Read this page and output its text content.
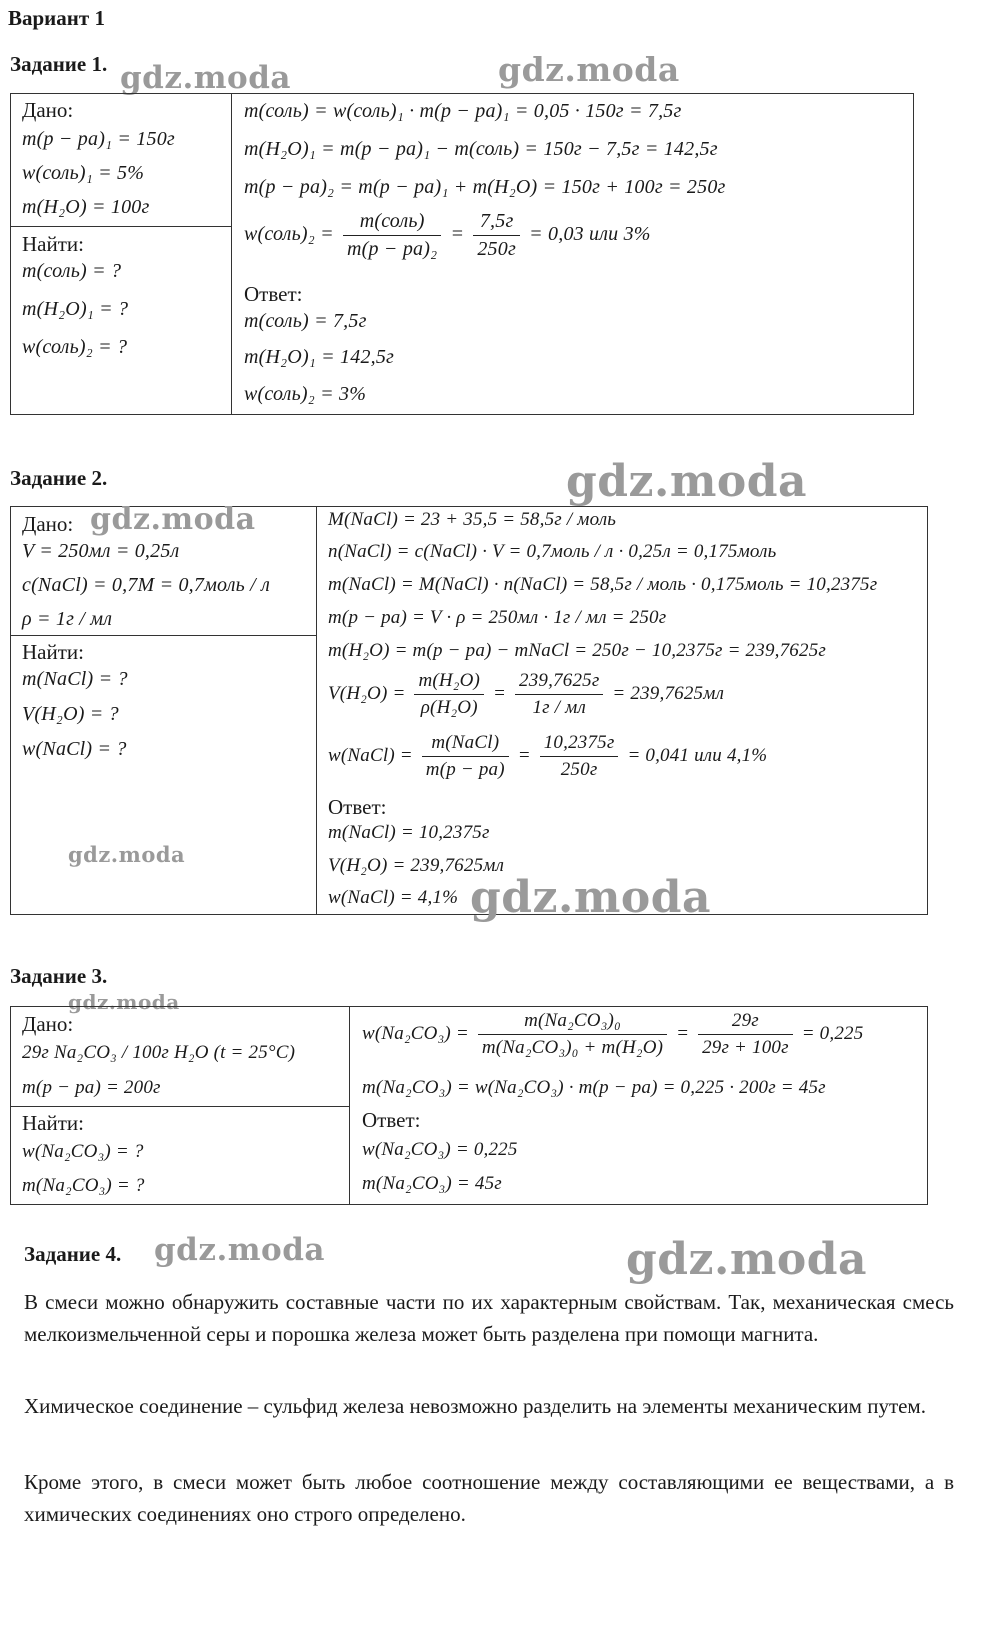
Вариант 1
Задание 1. gdz.moda	gdz.moda
Дано:
m(р − ра)₁ = 150г
w(соль)₁ = 5%
m(H₂O) = 100г
Найти:
m(соль) = ?
m(H₂O)₁ = ?
w(соль)₂ = ?
m(соль) = w(соль)₁ · m(р − ра)₁ = 0,05 · 150г = 7,5г
m(H₂O)₁ = m(р − ра)₁ − m(соль) = 150г − 7,5г = 142,5г
m(р − ра)₂ = m(р − ра)₁ + m(H₂O) = 150г + 100г = 250г
w(соль)₂ = $\frac{\text{m(соль)}}{\text{m(р − ра)₂}} = \frac{7,5г}{250г} = 0,03$ или 3%
Ответ:
m(соль) = 7,5г
m(H₂O)₁ = 142,5г
w(соль)₂ = 3%
Задание 2.	gdz.moda
Дано: gdz.moda
V = 250мл = 0,25л
c(NaCl) = 0,7M = 0,7моль / л
ρ = 1г / мл
Найти:
m(NaCl) = ?
V(H₂O) = ?
w(NaCl) = ?
gdz.moda
M(NaCl) = 23 + 35,5 = 58,5г / моль
n(NaCl) = c(NaCl) · V = 0,7моль / л · 0,25л = 0,175моль
m(NaCl) = M(NaCl) · n(NaCl) = 58,5г / моль · 0,175моль = 10,2375г
m(р − ра) = V · ρ = 250мл · 1г / мл = 250г
m(H₂O) = m(р − ра) − mNaCl = 250г − 10,2375г = 239,7625г
$V(H_2O) = \frac{\text{m(H₂O)}}{\text{ρ(H₂O)}} = \frac{239,7625г}{1г / мл} = 239,7625мл$
w(NaCl) = $\frac{\text{m(NaCl)}}{m(р - ра)} = \frac{10,2375г}{250г} = 0,041$ или 4,1%
Ответ:
m(NaCl) = 10,2375г
V(H₂O) = 239,7625мл
w(NaCl) = 4,1% gdz.moda
Задание 3.
gdz.moda
Дано:
29г Na₂CO₃ / 100г H₂O (t = 25°C)
m(р − ра) = 200г
Найти:
w(Na₂CO₃) = ?
m(Na₂CO₃) = ?
$w(Na_2CO_3) = \frac{\text{m(Na₂CO₃)₀}}{\text{m(Na₂CO₃)₀ + m(H₂O)}} = \frac{29г}{29г + 100г} = 0,225$
m(Na₂CO₃) = w(Na₂CO₃) · m(р − ра) = 0,225 · 200г = 45г
Ответ:
w(Na₂CO₃) = 0,225
m(Na₂CO₃) = 45г
Задание 4. gdz.moda	gdz.moda
В смеси можно обнаружить составные части по их характерным свойствам. Так, механическая смесь мелкоизмельченной серы и порошка железа может быть разделена при помощи магнита.
Химическое соединение – сульфид железа невозможно разделить на элементы механическим путем.
Кроме этого, в смеси может быть любое соотношение между составляющими ее веществами, а в химических соединениях оно строго определено.
